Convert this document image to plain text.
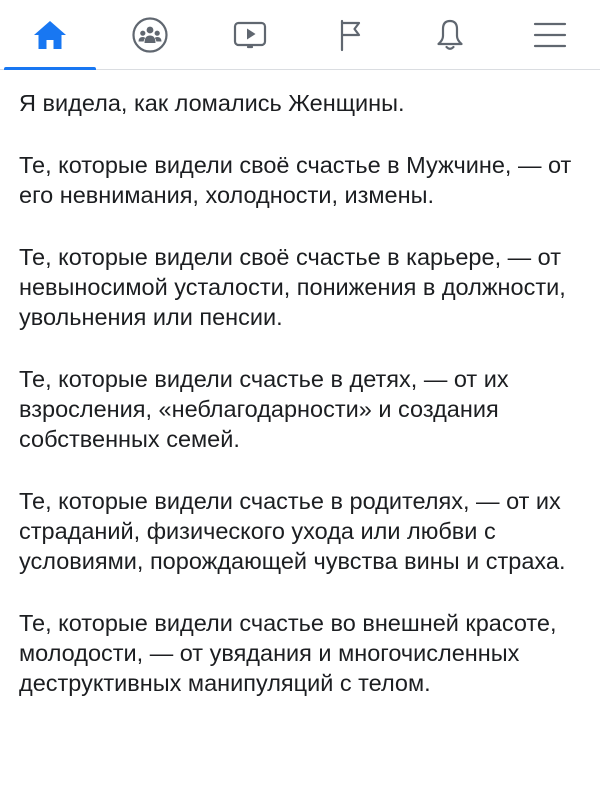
Я видела, как ломались Женщины.

Те, которые видели своё счастье в Мужчине, — от его невнимания, холодности, измены.

Те, которые видели своё счастье в карьере, — от невыносимой усталости, понижения в должности, увольнения или пенсии.

Те, которые видели счастье в детях, — от их взросления, «неблагодарности» и создания собственных семей.

Те, которые видели счастье в родителях, — от их страданий, физического ухода или любви с условиями, порождающей чувства вины и страха.

Те, которые видели счастье во внешней красоте, молодости, — от увядания и многочисленных деструктивных манипуляций с телом.
